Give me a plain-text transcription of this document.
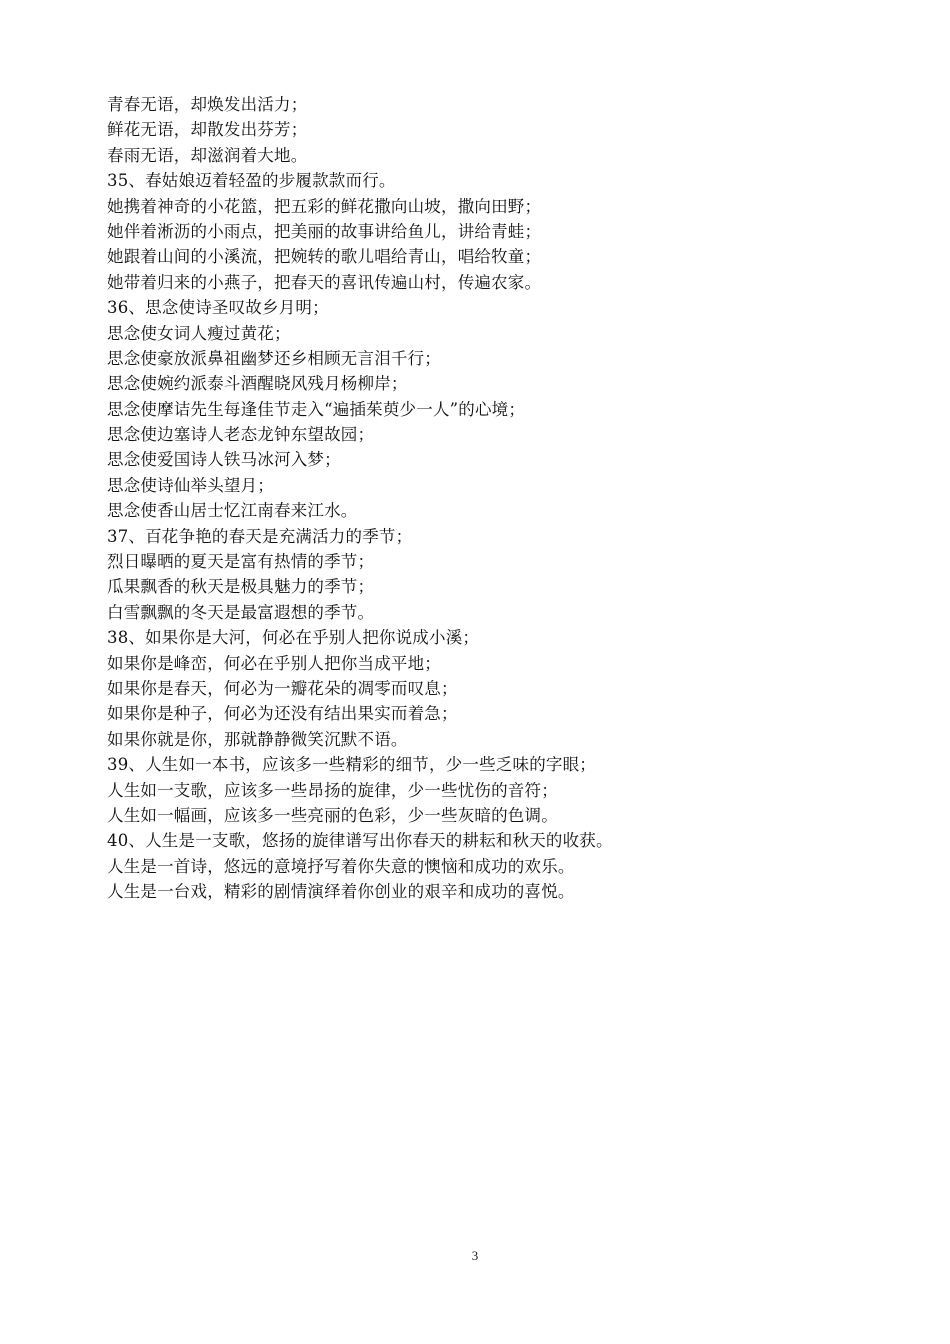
青春无语，却焕发出活力；
鲜花无语，却散发出芬芳；
春雨无语，却滋润着大地。
35、春姑娘迈着轻盈的步履款款而行。
她携着神奇的小花篮，把五彩的鲜花撒向山坡，撒向田野；
她伴着淅沥的小雨点，把美丽的故事讲给鱼儿，讲给青蛙；
她跟着山间的小溪流，把婉转的歌儿唱给青山，唱给牧童；
她带着归来的小燕子，把春天的喜讯传遍山村，传遍农家。
36、思念使诗圣叹故乡月明；
思念使女词人瘦过黄花；
思念使豪放派鼻祖幽梦还乡相顾无言泪千行；
思念使婉约派泰斗酒醒晓风残月杨柳岸；
思念使摩诘先生每逢佳节走入“遍插茱萸少一人”的心境；
思念使边塞诗人老态龙钟东望故园；
思念使爱国诗人铁马冰河入梦；
思念使诗仙举头望月；
思念使香山居士忆江南春来江水。
37、百花争艳的春天是充满活力的季节；
烈日曝晒的夏天是富有热情的季节；
瓜果飘香的秋天是极具魅力的季节；
白雪飘飘的冬天是最富遐想的季节。
38、如果你是大河，何必在乎别人把你说成小溪；
如果你是峰峦，何必在乎别人把你当成平地；
如果你是春天，何必为一瓣花朵的凋零而叹息；
如果你是种子，何必为还没有结出果实而着急；
如果你就是你，那就静静微笑沉默不语。
39、人生如一本书，应该多一些精彩的细节，少一些乏味的字眼；
人生如一支歌，应该多一些昂扬的旋律，少一些忧伤的音符；
人生如一幅画，应该多一些亮丽的色彩，少一些灰暗的色调。
40、人生是一支歌，悠扬的旋律谱写出你春天的耕耘和秋天的收获。
人生是一首诗，悠远的意境抒写着你失意的懊恼和成功的欢乐。
人生是一台戏，精彩的剧情演绎着你创业的艰辛和成功的喜悦。
3
